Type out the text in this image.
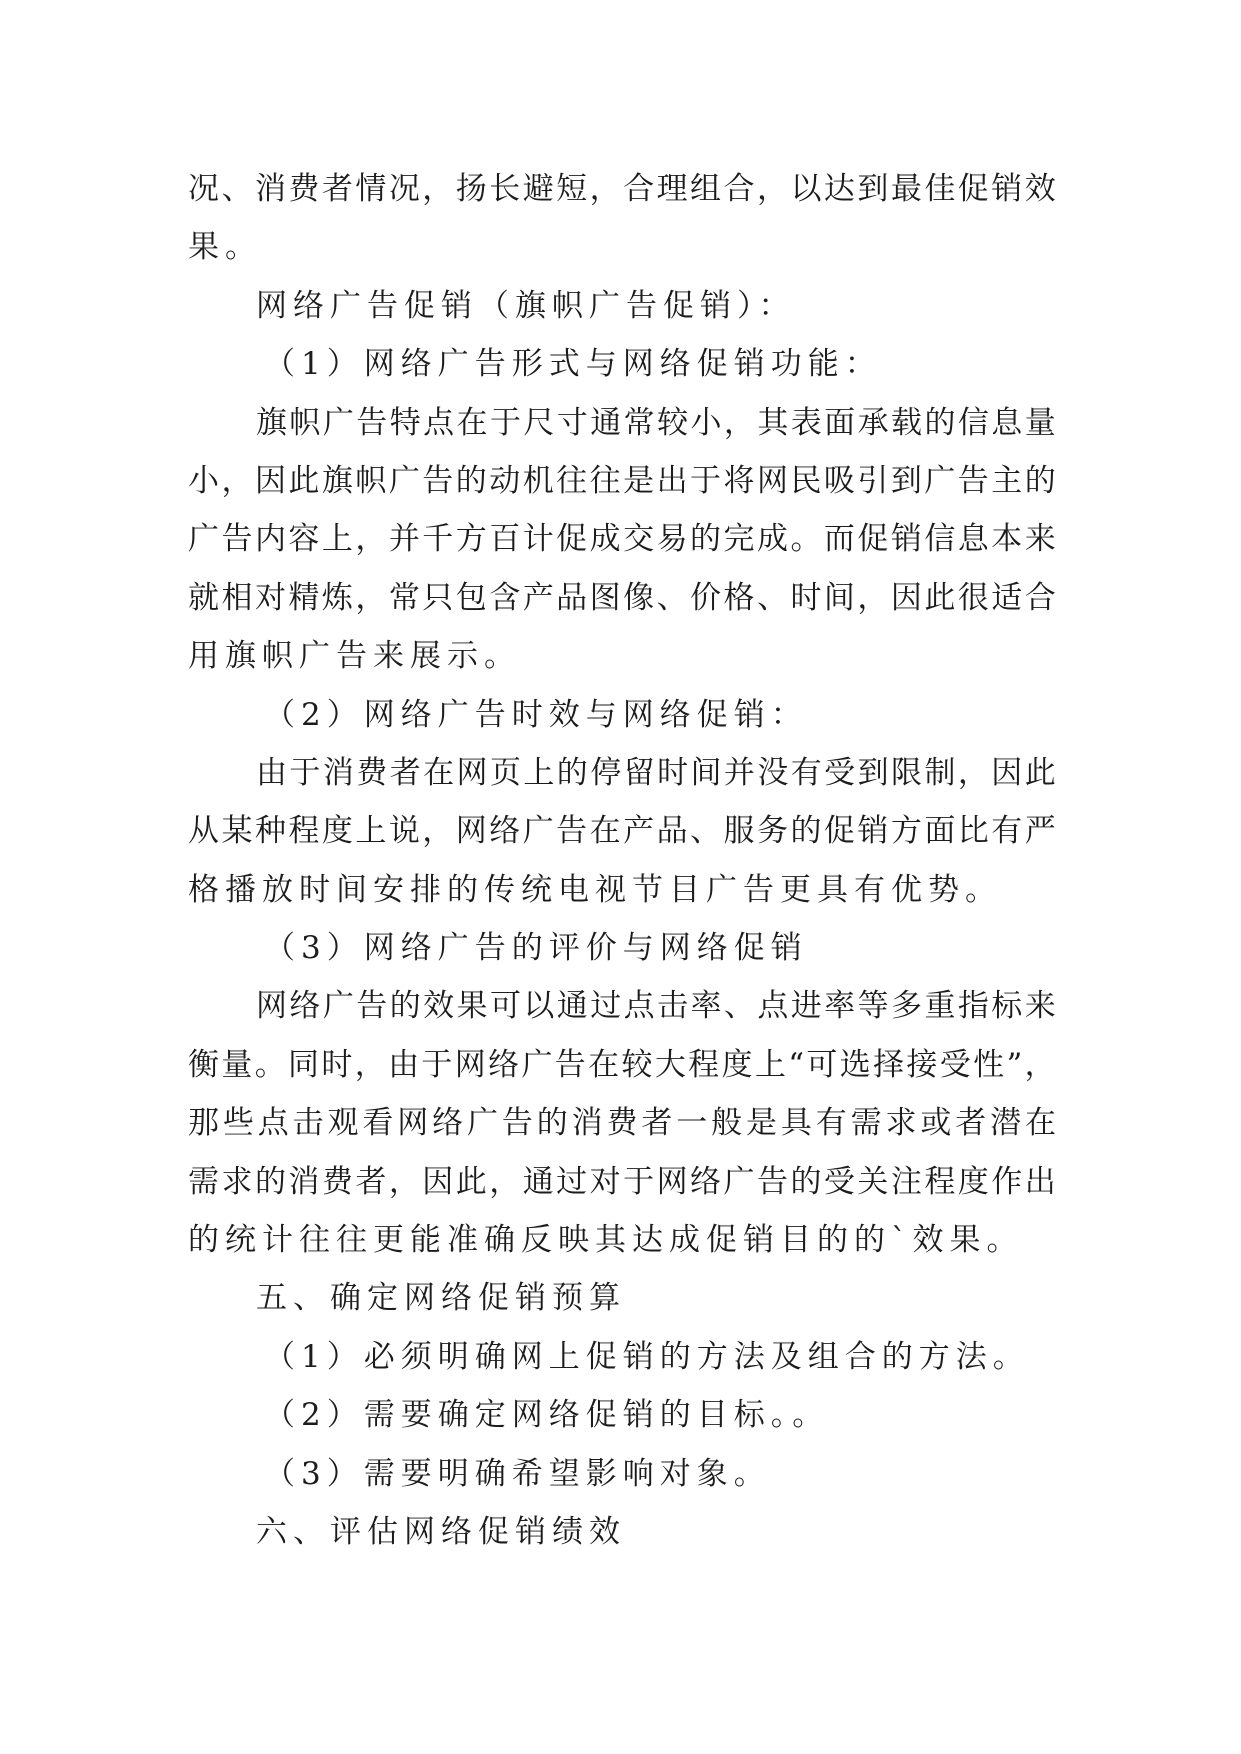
况 、 消 费 者 情 况 ， 扬 长 避 短 ， 合 理 组 合 ， 以 达 到 最 佳 促 销 效
果。
网络广告促销（旗帜广告促销）：
（1）网络广告形式与网络促销功能：
旗 帜 广 告 特 点 在 于 尺 寸 通 常 较 小 ， 其 表 面 承 载 的 信 息 量
小 ， 因 此 旗 帜 广 告 的 动 机 往 往 是 出 于 将 网 民 吸 引 到 广 告 主 的
广 告 内 容 上 ， 并 千 方 百 计 促 成 交 易 的 完 成 。 而 促 销 信 息 本 来
就 相 对 精 炼 ， 常 只 包 含 产 品 图 像 、 价 格 、 时 间 ， 因 此 很 适 合
用旗帜广告来展示。
（2）网络广告时效与网络促销：
由 于 消 费 者 在 网 页 上 的 停 留 时 间 并 没 有 受 到 限 制 ， 因 此
从 某 种 程 度 上 说 ， 网 络 广 告 在 产 品 、 服 务 的 促 销 方 面 比 有 严
格播放时间安排的传统电视节目广告更具有优势。
（3）网络广告的评价与网络促销
网 络 广 告 的 效 果 可 以 通 过 点 击 率 、 点 进 率 等 多 重 指 标 来
衡 量 。 同 时 ， 由 于 网 络 广 告 在 较 大 程 度 上 “ 可 选 择 接 受 性 ” ，
那 些 点 击 观 看 网 络 广 告 的 消 费 者 一 般 是 具 有 需 求 或 者 潜 在
需 求 的 消 费 者 ， 因 此 ， 通 过 对 于 网 络 广 告 的 受 关 注 程 度 作 出
的统计往往更能准确反映其达成促销目的的`效果。
五、确定网络促销预算
（1）必须明确网上促销的方法及组合的方法。
（2）需要确定网络促销的目标。。
（3）需要明确希望影响对象。
六、评估网络促销绩效
